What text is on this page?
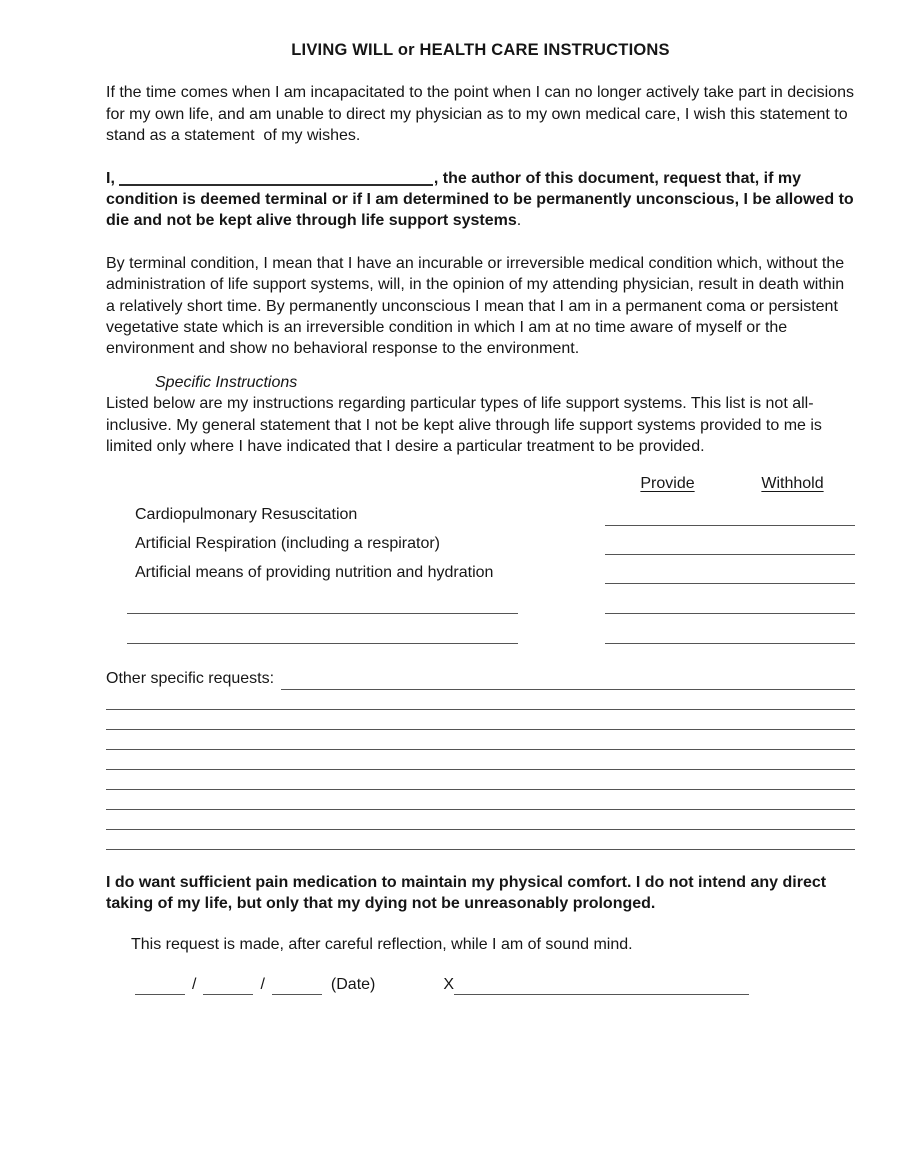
LIVING WILL or HEALTH CARE INSTRUCTIONS

If the time comes when I am incapacitated to the point when I can no longer actively take part in decisions for my own life, and am unable to direct my physician as to my own medical care, I wish this statement to stand as a statement  of my wishes.

I,	, the author of this document, request that, if my condition is deemed terminal or if I am determined to be permanently unconscious, I be allowed to die and not be kept alive through life support systems.

By terminal condition, I mean that I have an incurable or irreversible medical condition which, without the administration of life support systems, will, in the opinion of my attending physician, result in death within a relatively short time. By permanently unconscious I mean that I am in a permanent coma or persistent vegetative state which is an irreversible condition in which I am at no time aware of myself or the environment and show no behavioral response to the environment.

Specific Instructions

Listed below are my instructions regarding particular types of life support systems. This list is not all-inclusive. My general statement that I not be kept alive through life support systems provided to me is limited only where I have indicated that I desire a particular treatment to be provided.

Provide	Withhold
Cardiopulmonary Resuscitation
Artificial Respiration (including a respirator)
Artificial means of providing nutrition and hydration
Other specific requests:

I do want sufficient pain medication to maintain my physical comfort. I do not intend any direct taking of my life, but only that my dying not be unreasonably prolonged.

This request is made, after careful reflection, while I am of sound mind.

/	/	(Date)	X
